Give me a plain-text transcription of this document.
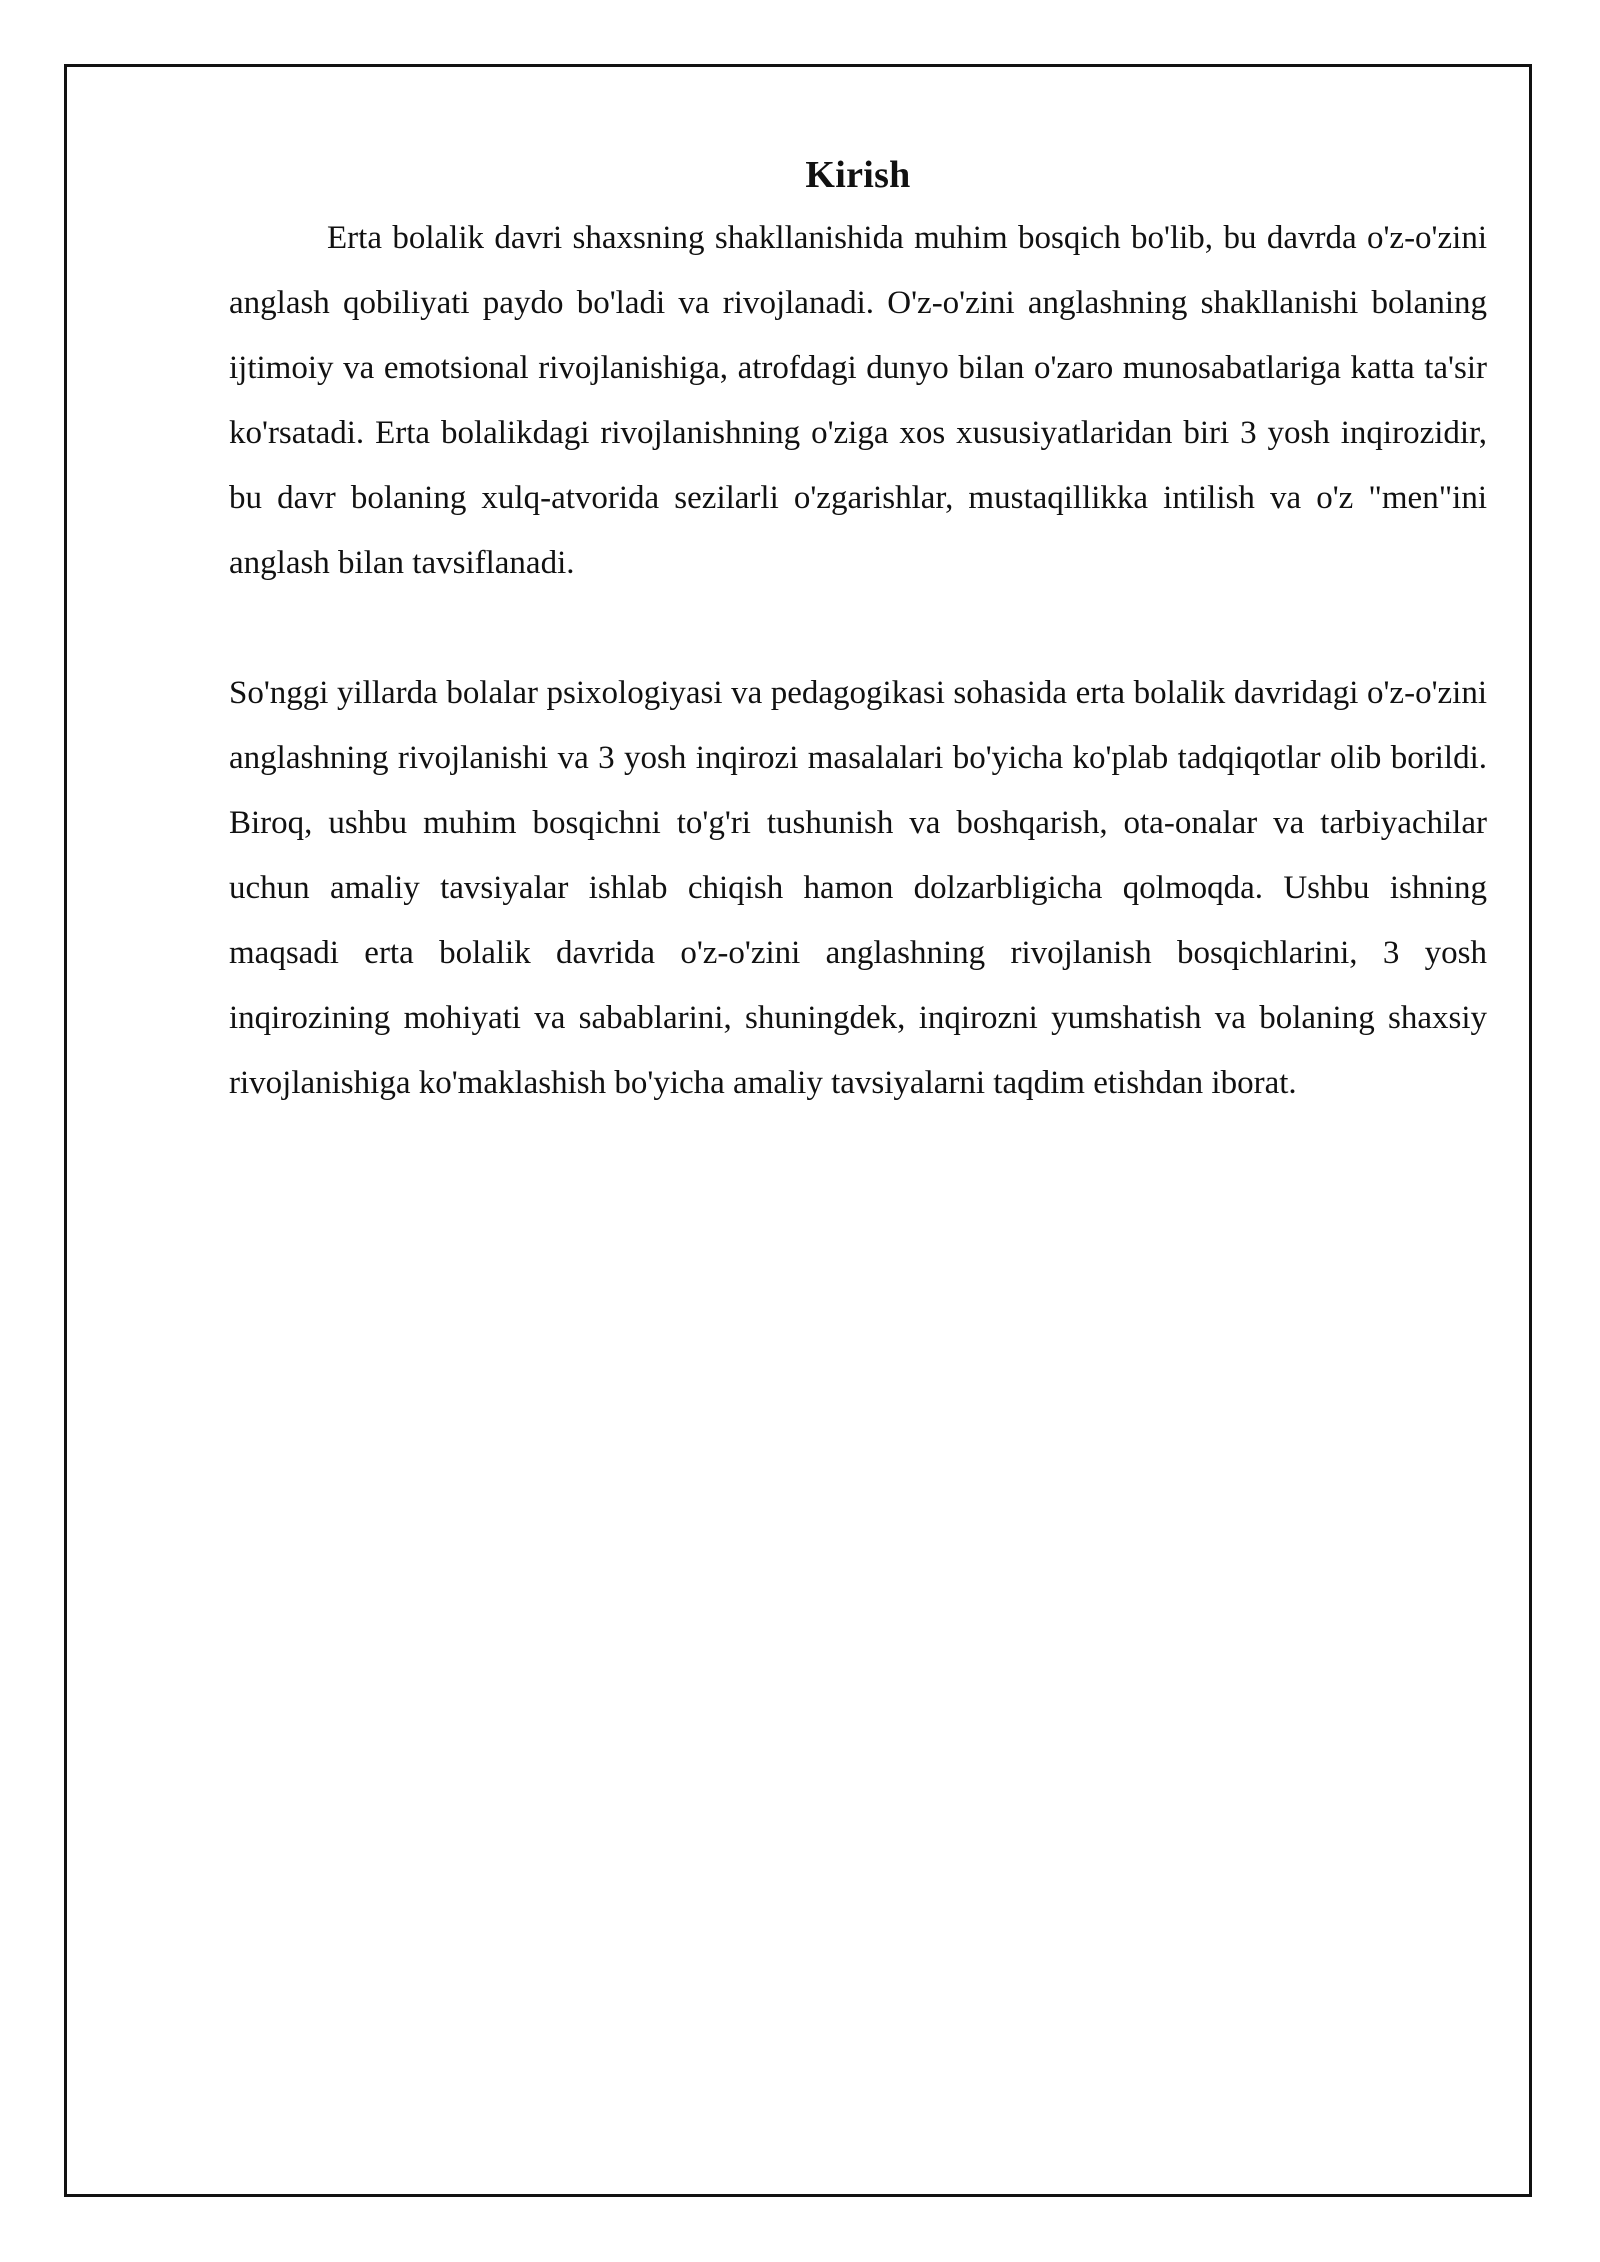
Kirish

Erta bolalik davri shaxsning shakllanishida muhim bosqich bo'lib, bu davrda o'z-o'zini anglash qobiliyati paydo bo'ladi va rivojlanadi. O'z-o'zini anglashning shakllanishi bolaning ijtimoiy va emotsional rivojlanishiga, atrofdagi dunyo bilan o'zaro munosabatlariga katta ta'sir ko'rsatadi. Erta bolalikdagi rivojlanishning o'ziga xos xususiyatlaridan biri 3 yosh inqirozidir, bu davr bolaning xulq-atvorida sezilarli o'zgarishlar, mustaqillikka intilish va o'z "men"ini anglash bilan tavsiflanadi.

So'nggi yillarda bolalar psixologiyasi va pedagogikasi sohasida erta bolalik davridagi o'z-o'zini anglashning rivojlanishi va 3 yosh inqirozi masalalari bo'yicha ko'plab tadqiqotlar olib borildi. Biroq, ushbu muhim bosqichni to'g'ri tushunish va boshqarish, ota-onalar va tarbiyachilar uchun amaliy tavsiyalar ishlab chiqish hamon dolzarbligicha qolmoqda. Ushbu ishning maqsadi erta bolalik davrida o'z-o'zini anglashning rivojlanish bosqichlarini, 3 yosh inqirozining mohiyati va sabablarini, shuningdek, inqirozni yumshatish va bolaning shaxsiy rivojlanishiga ko'maklashish bo'yicha amaliy tavsiyalarni taqdim etishdan iborat.
